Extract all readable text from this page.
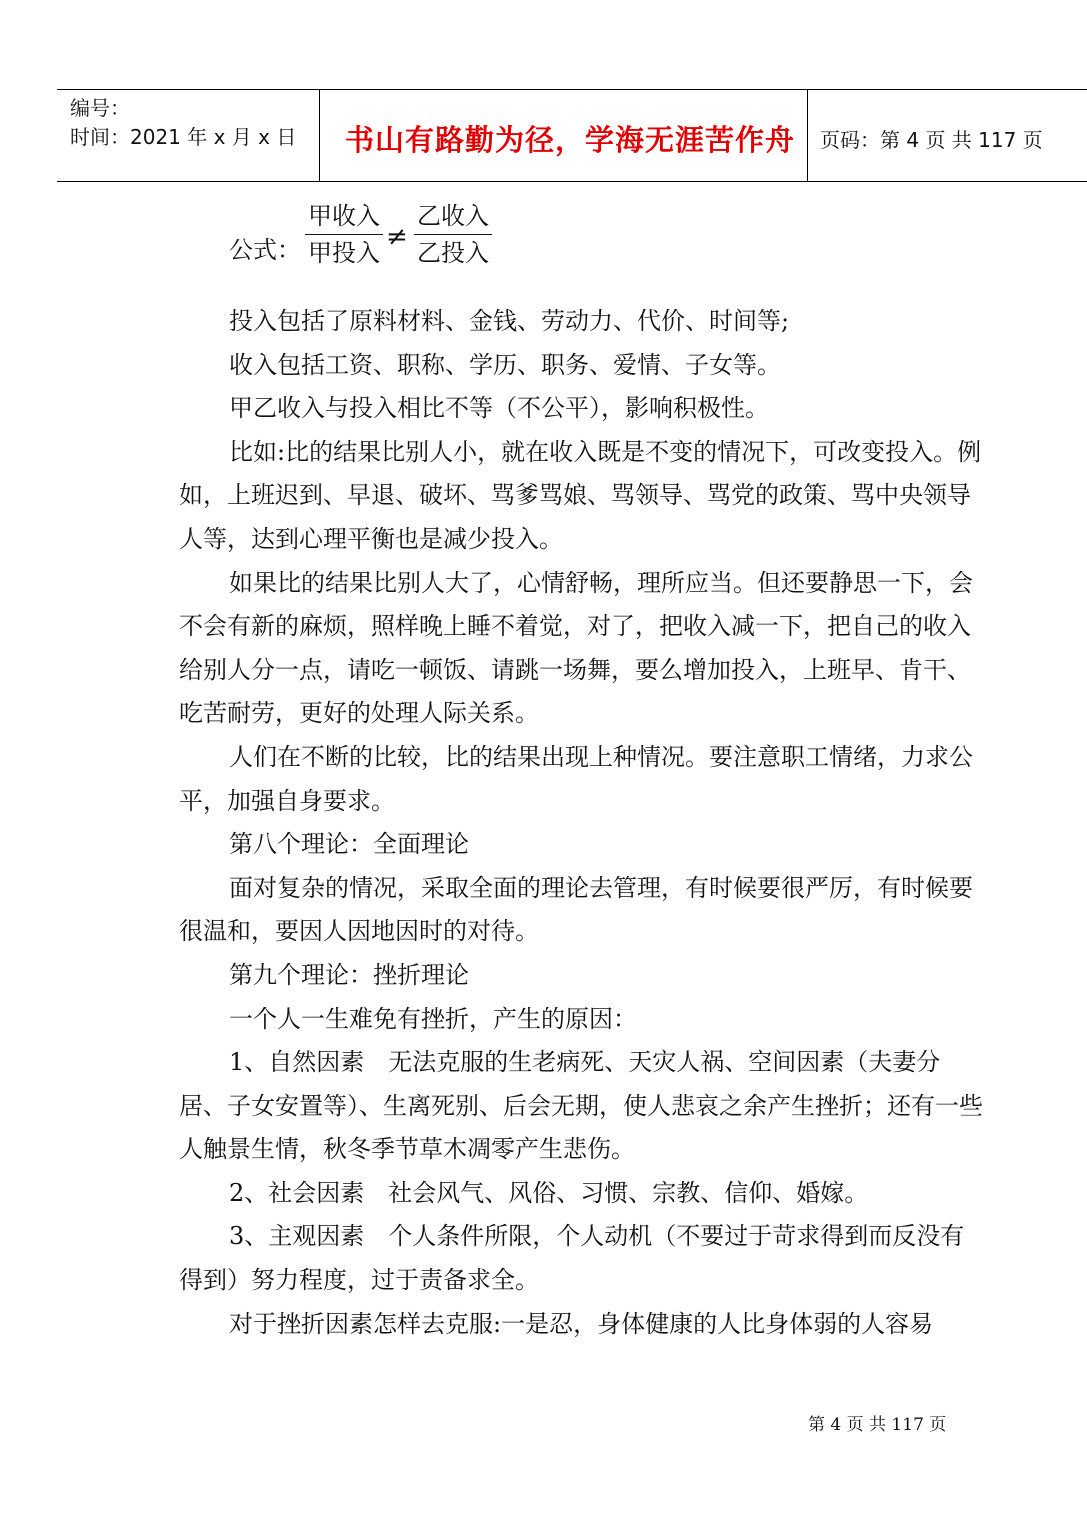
编号：
时间：2021 年 x 月 x 日 书山有路勤为径，学海无涯苦作舟 页码：第 4 页 共 117 页
公式：
甲收入
甲投入
≠
乙收入
乙投入

投入包括了原料材料、金钱、劳动力、代价、时间等;

收入包括工资、职称、学历、职务、爱情、子女等。

甲乙收入与投入相比不等（不公平），影响积极性。

比如:比的结果比别人小，就在收入既是不变的情况下，可改变投入。例如，上班迟到、早退、破坏、骂爹骂娘、骂领导、骂党的政策、骂中央领导人等，达到心理平衡也是减少投入。

如果比的结果比别人大了，心情舒畅，理所应当。但还要静思一下，会不会有新的麻烦，照样晚上睡不着觉，对了，把收入减一下，把自己的收入给别人分一点，请吃一顿饭、请跳一场舞，要么增加投入，上班早、肯干、吃苦耐劳，更好的处理人际关系。

人们在不断的比较，比的结果出现上种情况。要注意职工情绪，力求公平，加强自身要求。

第八个理论：全面理论

面对复杂的情况，采取全面的理论去管理，有时候要很严厉，有时候要很温和，要因人因地因时的对待。

第九个理论：挫折理论

一个人一生难免有挫折，产生的原因：

1、自然因素　无法克服的生老病死、天灾人祸、空间因素（夫妻分居、子女安置等）、生离死别、后会无期，使人悲哀之余产生挫折；还有一些人触景生情，秋冬季节草木凋零产生悲伤。

2、社会因素　社会风气、风俗、习惯、宗教、信仰、婚嫁。

3、主观因素　个人条件所限，个人动机（不要过于苛求得到而反没有得到）努力程度，过于责备求全。

对于挫折因素怎样去克服:一是忍，身体健康的人比身体弱的人容易

第 4 页 共 117 页
